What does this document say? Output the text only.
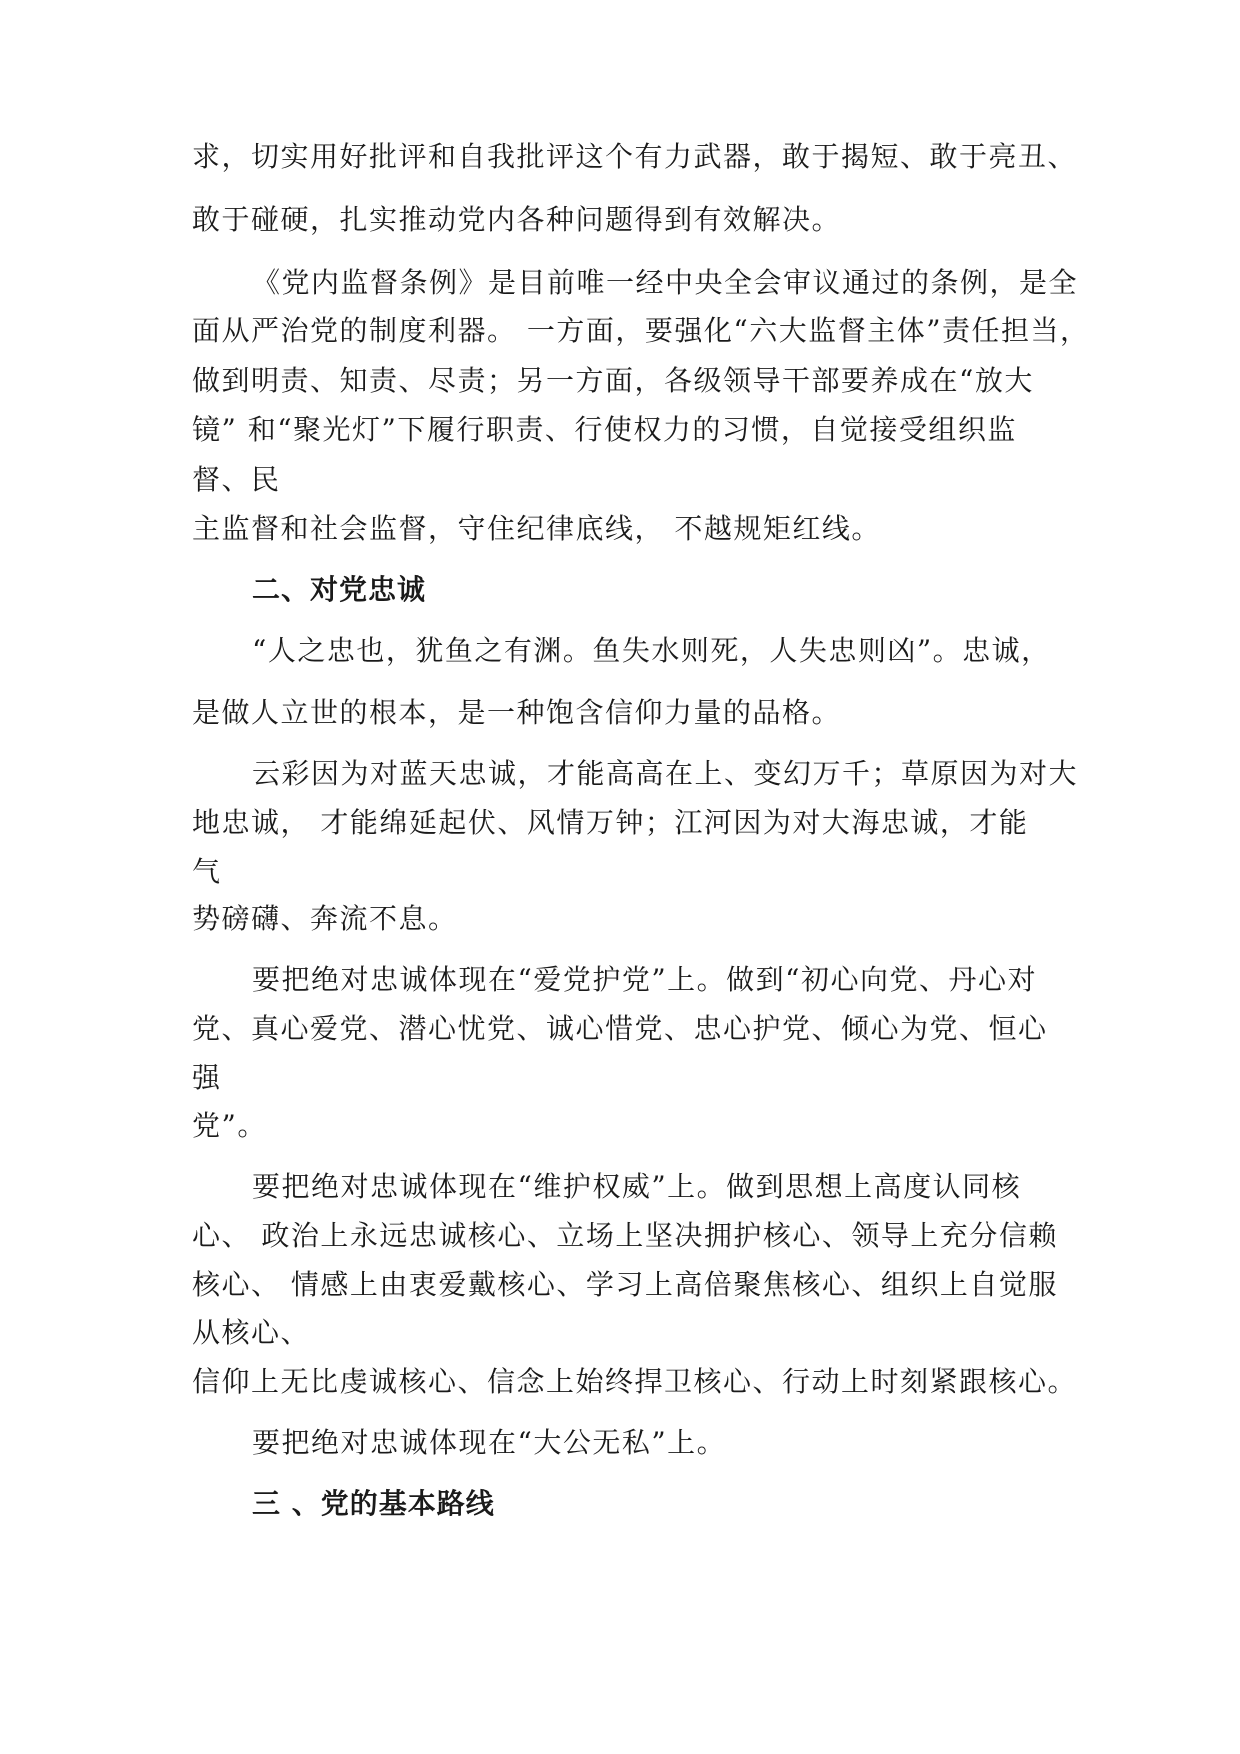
求，切实用好批评和自我批评这个有力武器，敢于揭短、敢于亮丑、
敢于碰硬，扎实推动党内各种问题得到有效解决。
《党内监督条例》是目前唯一经中央全会审议通过的条例，是全
面从严治党的制度利器。 一方面，要强化“六大监督主体”责任担当，
做到明责、知责、尽责；另一方面，各级领导干部要养成在“放大
镜” 和“聚光灯”下履行职责、行使权力的习惯，自觉接受组织监
督、民
主监督和社会监督，守住纪律底线， 不越规矩红线。
二、对党忠诚
“人之忠也，犹鱼之有渊。鱼失水则死，人失忠则凶”。忠诚，
是做人立世的根本，是一种饱含信仰力量的品格。
云彩因为对蓝天忠诚，才能高高在上、变幻万千；草原因为对大
地忠诚， 才能绵延起伏、风情万钟；江河因为对大海忠诚，才能
气
势磅礴、奔流不息。
要把绝对忠诚体现在“爱党护党”上。做到“初心向党、丹心对
党、真心爱党、潜心忧党、诚心惜党、忠心护党、倾心为党、恒心
强
党”。
要把绝对忠诚体现在“维护权威”上。做到思想上高度认同核
心、 政治上永远忠诚核心、立场上坚决拥护核心、领导上充分信赖
核心、 情感上由衷爱戴核心、学习上高倍聚焦核心、组织上自觉服
从核心、
信仰上无比虔诚核心、信念上始终捍卫核心、行动上时刻紧跟核心。
要把绝对忠诚体现在“大公无私”上。
三 、党的基本路线
